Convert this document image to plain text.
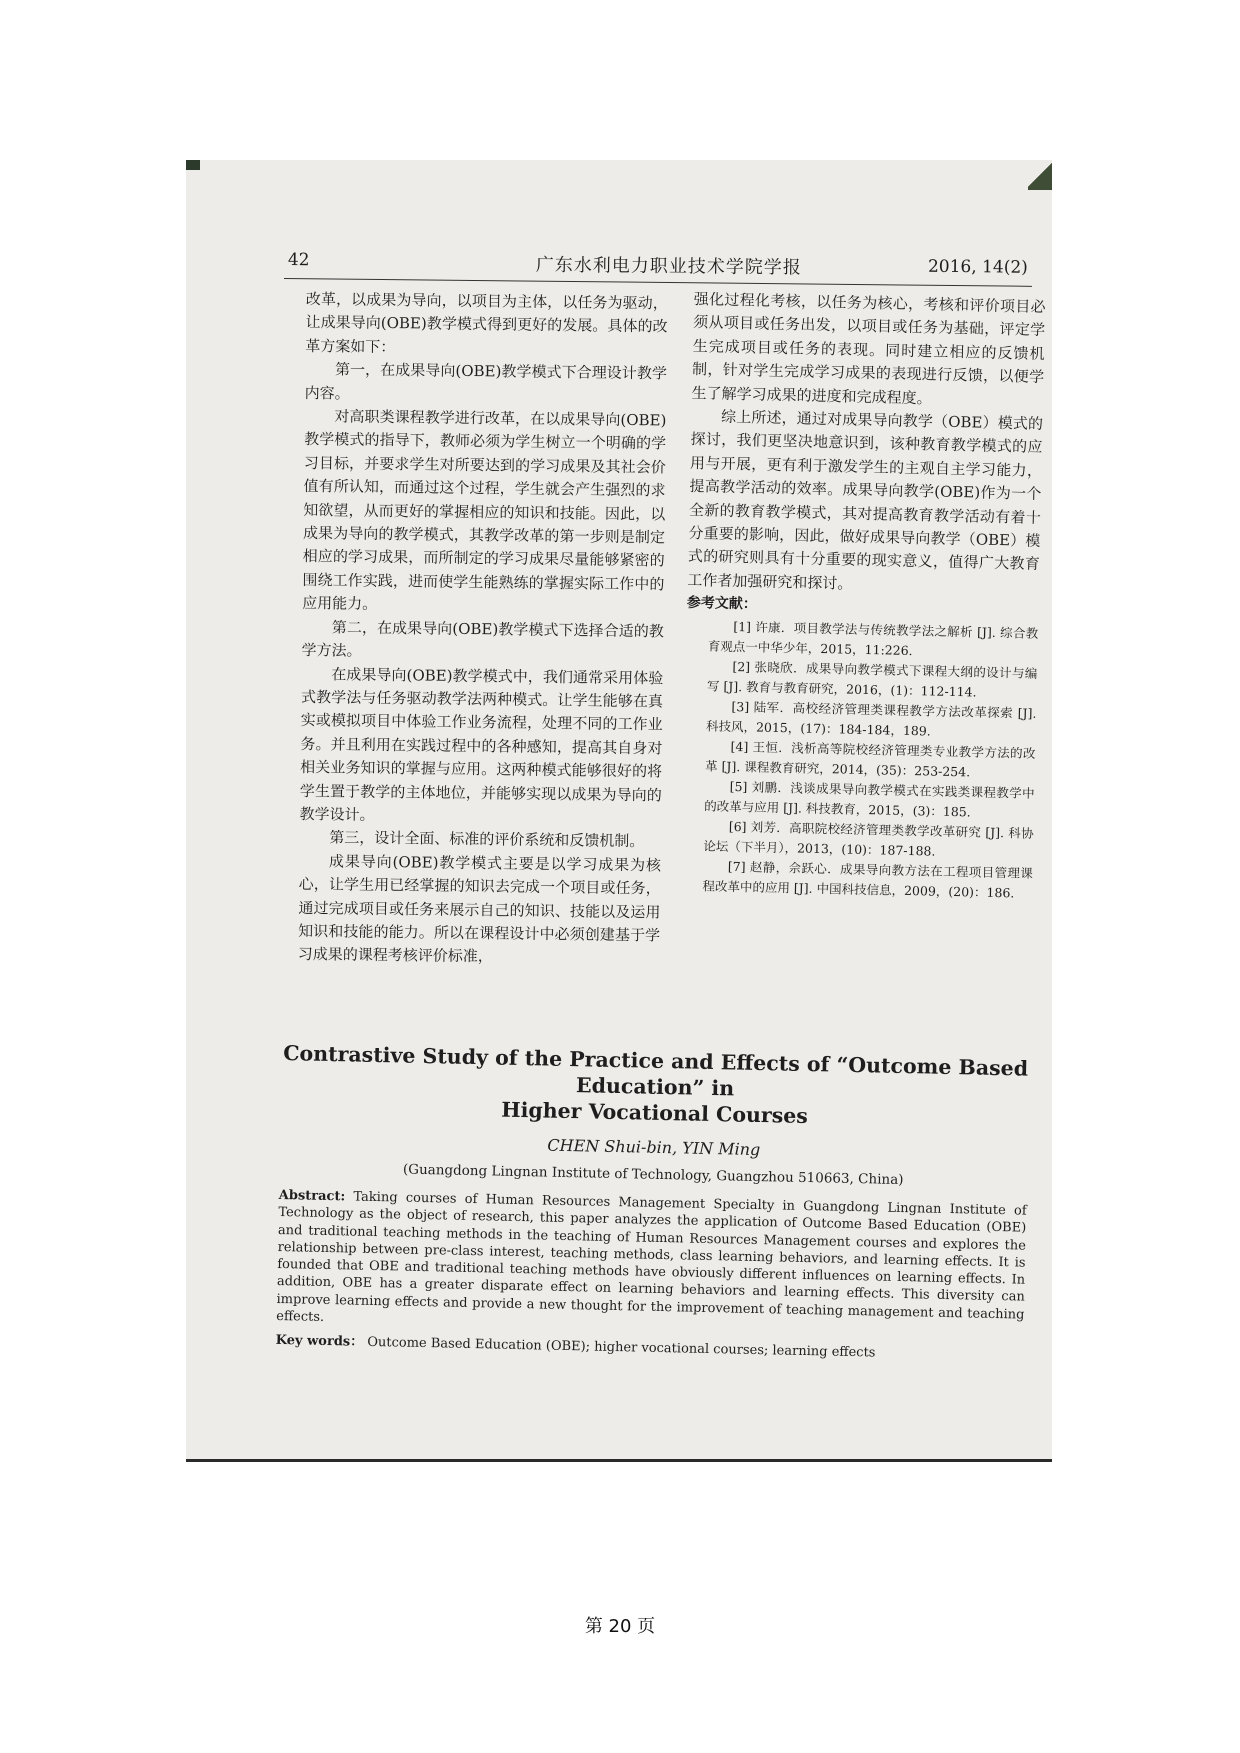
42	广东水利电力职业技术学院学报	2016, 14(2)

改革，以成果为导向，以项目为主体，以任务为驱动，让成果导向(OBE)教学模式得到更好的发展。具体的改革方案如下：

第一，在成果导向(OBE)教学模式下合理设计教学内容。

对高职类课程教学进行改革，在以成果导向(OBE)教学模式的指导下，教师必须为学生树立一个明确的学习目标，并要求学生对所要达到的学习成果及其社会价值有所认知，而通过这个过程，学生就会产生强烈的求知欲望，从而更好的掌握相应的知识和技能。因此，以成果为导向的教学模式，其教学改革的第一步则是制定相应的学习成果，而所制定的学习成果尽量能够紧密的围绕工作实践，进而使学生能熟练的掌握实际工作中的应用能力。

第二，在成果导向(OBE)教学模式下选择合适的教学方法。

在成果导向(OBE)教学模式中，我们通常采用体验式教学法与任务驱动教学法两种模式。让学生能够在真实或模拟项目中体验工作业务流程，处理不同的工作业务。并且利用在实践过程中的各种感知，提高其自身对相关业务知识的掌握与应用。这两种模式能够很好的将学生置于教学的主体地位，并能够实现以成果为导向的教学设计。

第三，设计全面、标准的评价系统和反馈机制。

成果导向(OBE)教学模式主要是以学习成果为核心，让学生用已经掌握的知识去完成一个项目或任务，通过完成项目或任务来展示自己的知识、技能以及运用知识和技能的能力。所以在课程设计中必须创建基于学习成果的课程考核评价标准，

强化过程化考核，以任务为核心，考核和评价项目必须从项目或任务出发，以项目或任务为基础，评定学生完成项目或任务的表现。同时建立相应的反馈机制，针对学生完成学习成果的表现进行反馈，以便学生了解学习成果的进度和完成程度。

综上所述，通过对成果导向教学（OBE）模式的探讨，我们更坚决地意识到，该种教育教学模式的应用与开展，更有利于激发学生的主观自主学习能力，提高教学活动的效率。成果导向教学(OBE)作为一个全新的教育教学模式，其对提高教育教学活动有着十分重要的影响，因此，做好成果导向教学（OBE）模式的研究则具有十分重要的现实意义，值得广大教育工作者加强研究和探讨。

参考文献：

[1] 许康．项目教学法与传统教学法之解析 [J]. 综合教育观点一中华少年，2015，11:226.

[2] 张晓欣．成果导向教学模式下课程大纲的设计与编写 [J]. 教育与教育研究，2016，(1)：112-114.

[3] 陆军．高校经济管理类课程教学方法改革探索 [J]. 科技风，2015，(17)：184-184，189.

[4] 王恒．浅析高等院校经济管理类专业教学方法的改革 [J]. 课程教育研究，2014，(35)：253-254.

[5] 刘鹏．浅谈成果导向教学模式在实践类课程教学中的改革与应用 [J]. 科技教育，2015，(3)：185.

[6] 刘芳．高职院校经济管理类教学改革研究 [J]. 科协论坛（下半月），2013，(10)：187-188.

[7] 赵静，佘跃心．成果导向教方法在工程项目管理课程改革中的应用 [J]. 中国科技信息，2009，(20)：186.

Contrastive Study of the Practice and Effects of “Outcome Based Education” in
Higher Vocational Courses

CHEN Shui-bin, YIN Ming

(Guangdong Lingnan Institute of Technology, Guangzhou 510663, China)

Abstract: Taking courses of Human Resources Management Specialty in Guangdong Lingnan Institute of Technology as the object of research, this paper analyzes the application of Outcome Based Education (OBE) and traditional teaching methods in the teaching of Human Resources Management courses and explores the relationship between pre-class interest, teaching methods, class learning behaviors, and learning effects. It is founded that OBE and traditional teaching methods have obviously different influences on learning effects. In addition, OBE has a greater disparate effect on learning behaviors and learning effects. This diversity can improve learning effects and provide a new thought for the improvement of teaching management and teaching effects.

Key words： Outcome Based Education (OBE); higher vocational courses; learning effects

第 20 页
